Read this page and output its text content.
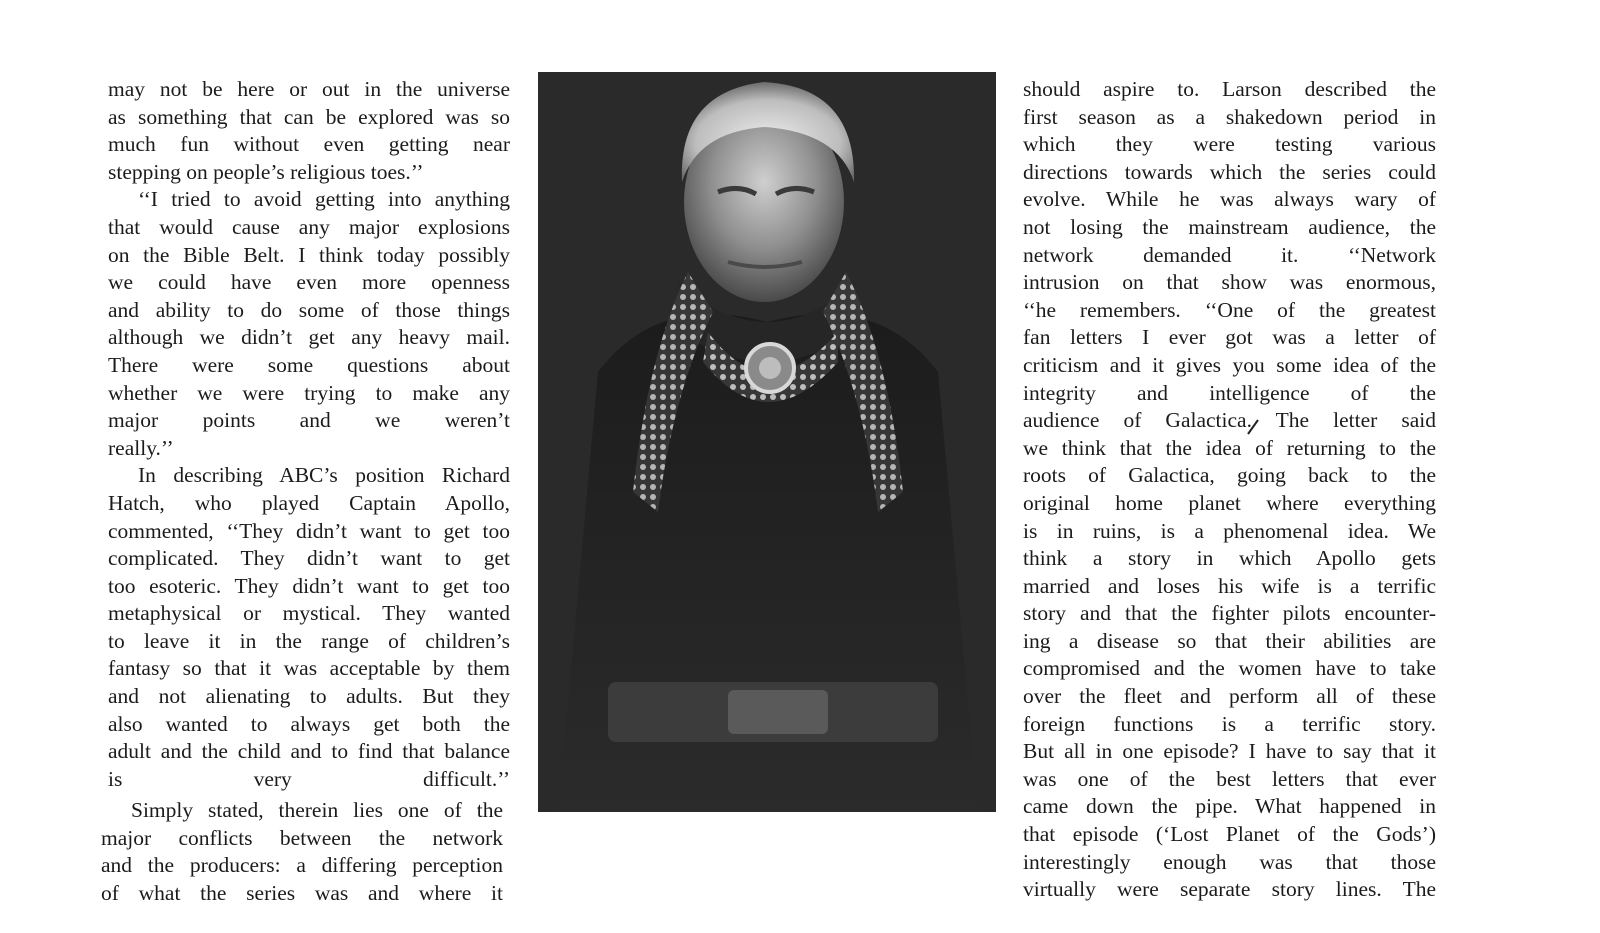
may not be here or out in the universe
as something that can be explored was so
much fun without even getting near
stepping on people’s religious toes.’’
‘‘I tried to avoid getting into anything
that would cause any major explosions
on the Bible Belt. I think today possibly
we could have even more openness
and ability to do some of those things
although we didn’t get any heavy mail.
There were some questions about
whether we were trying to make any
major points and we weren’t
really.’’
In describing ABC’s position Richard
Hatch, who played Captain Apollo,
commented, ‘‘They didn’t want to get too
complicated. They didn’t want to get
too esoteric. They didn’t want to get too
metaphysical or mystical. They wanted
to leave it in the range of children’s
fantasy so that it was acceptable by them
and not alienating to adults. But they
also wanted to always get both the
adult and the child and to find that balance
is very difficult.’’
Simply stated, therein lies one of the
major conflicts between the network
and the producers: a differing perception
of what the series was and where it
should aspire to. Larson described the
first season as a shakedown period in
which they were testing various
directions towards which the series could
evolve. While he was always wary of
not losing the mainstream audience, the
network demanded it. ‘‘Network
intrusion on that show was enormous,
‘‘he remembers. ‘‘One of the greatest
fan letters I ever got was a letter of
criticism and it gives you some idea of the
integrity and intelligence of the
audience of Galactica. The letter said
we think that the idea of returning to the
roots of Galactica, going back to the
original home planet where everything
is in ruins, is a phenomenal idea. We
think a story in which Apollo gets
married and loses his wife is a terrific
story and that the fighter pilots encounter-
ing a disease so that their abilities are
compromised and the women have to take
over the fleet and perform all of these
foreign functions is a terrific story.
But all in one episode? I have to say that it
was one of the best letters that ever
came down the pipe. What happened in
that episode (‘Lost Planet of the Gods’)
interestingly enough was that those
virtually were separate story lines. The
